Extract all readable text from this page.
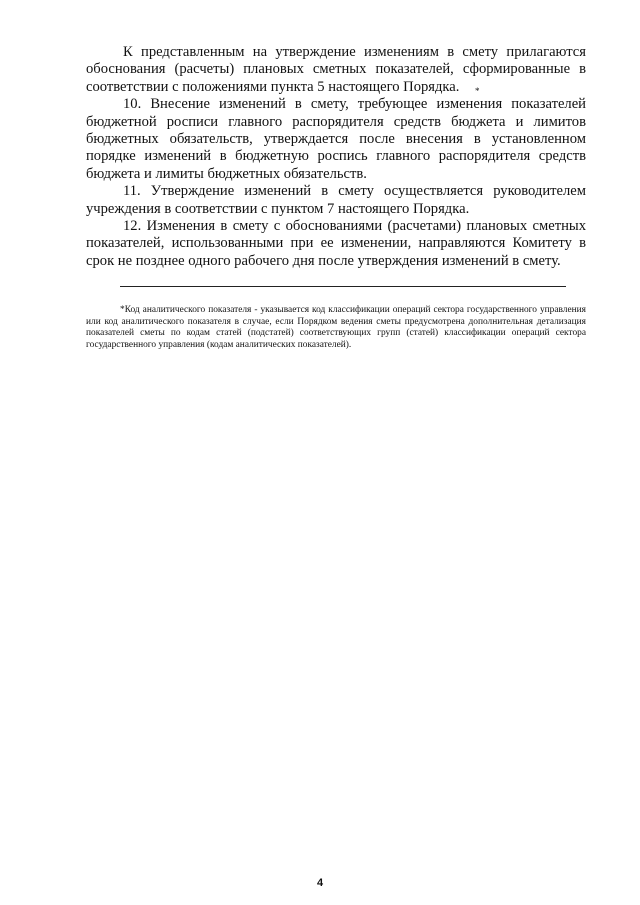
К представленным на утверждение изменениям в смету прилагаются обоснования (расчеты) плановых сметных показателей, сформированные в соответствии с положениями пункта 5 настоящего Порядка.

10. Внесение изменений в смету, требующее изменения показателей бюджетной росписи главного распорядителя средств бюджета и лимитов бюджетных обязательств, утверждается после внесения в установленном порядке изменений в бюджетную роспись главного распорядителя средств бюджета и лимиты бюджетных обязательств.

11. Утверждение изменений в смету осуществляется руководителем учреждения в соответствии с пунктом 7 настоящего Порядка.

12. Изменения в смету с обоснованиями (расчетами) плановых сметных показателей, использованными при ее изменении, направляются Комитету в срок не позднее одного рабочего дня после утверждения изменений в смету.

*

*Код аналитического показателя - указывается код классификации операций сектора государственного управления или код аналитического показателя в случае, если Порядком ведения сметы предусмотрена дополнительная детализация показателей сметы по кодам статей (подстатей) соответствующих групп (статей) классификации операций сектора государственного управления (кодам аналитических показателей).

4
